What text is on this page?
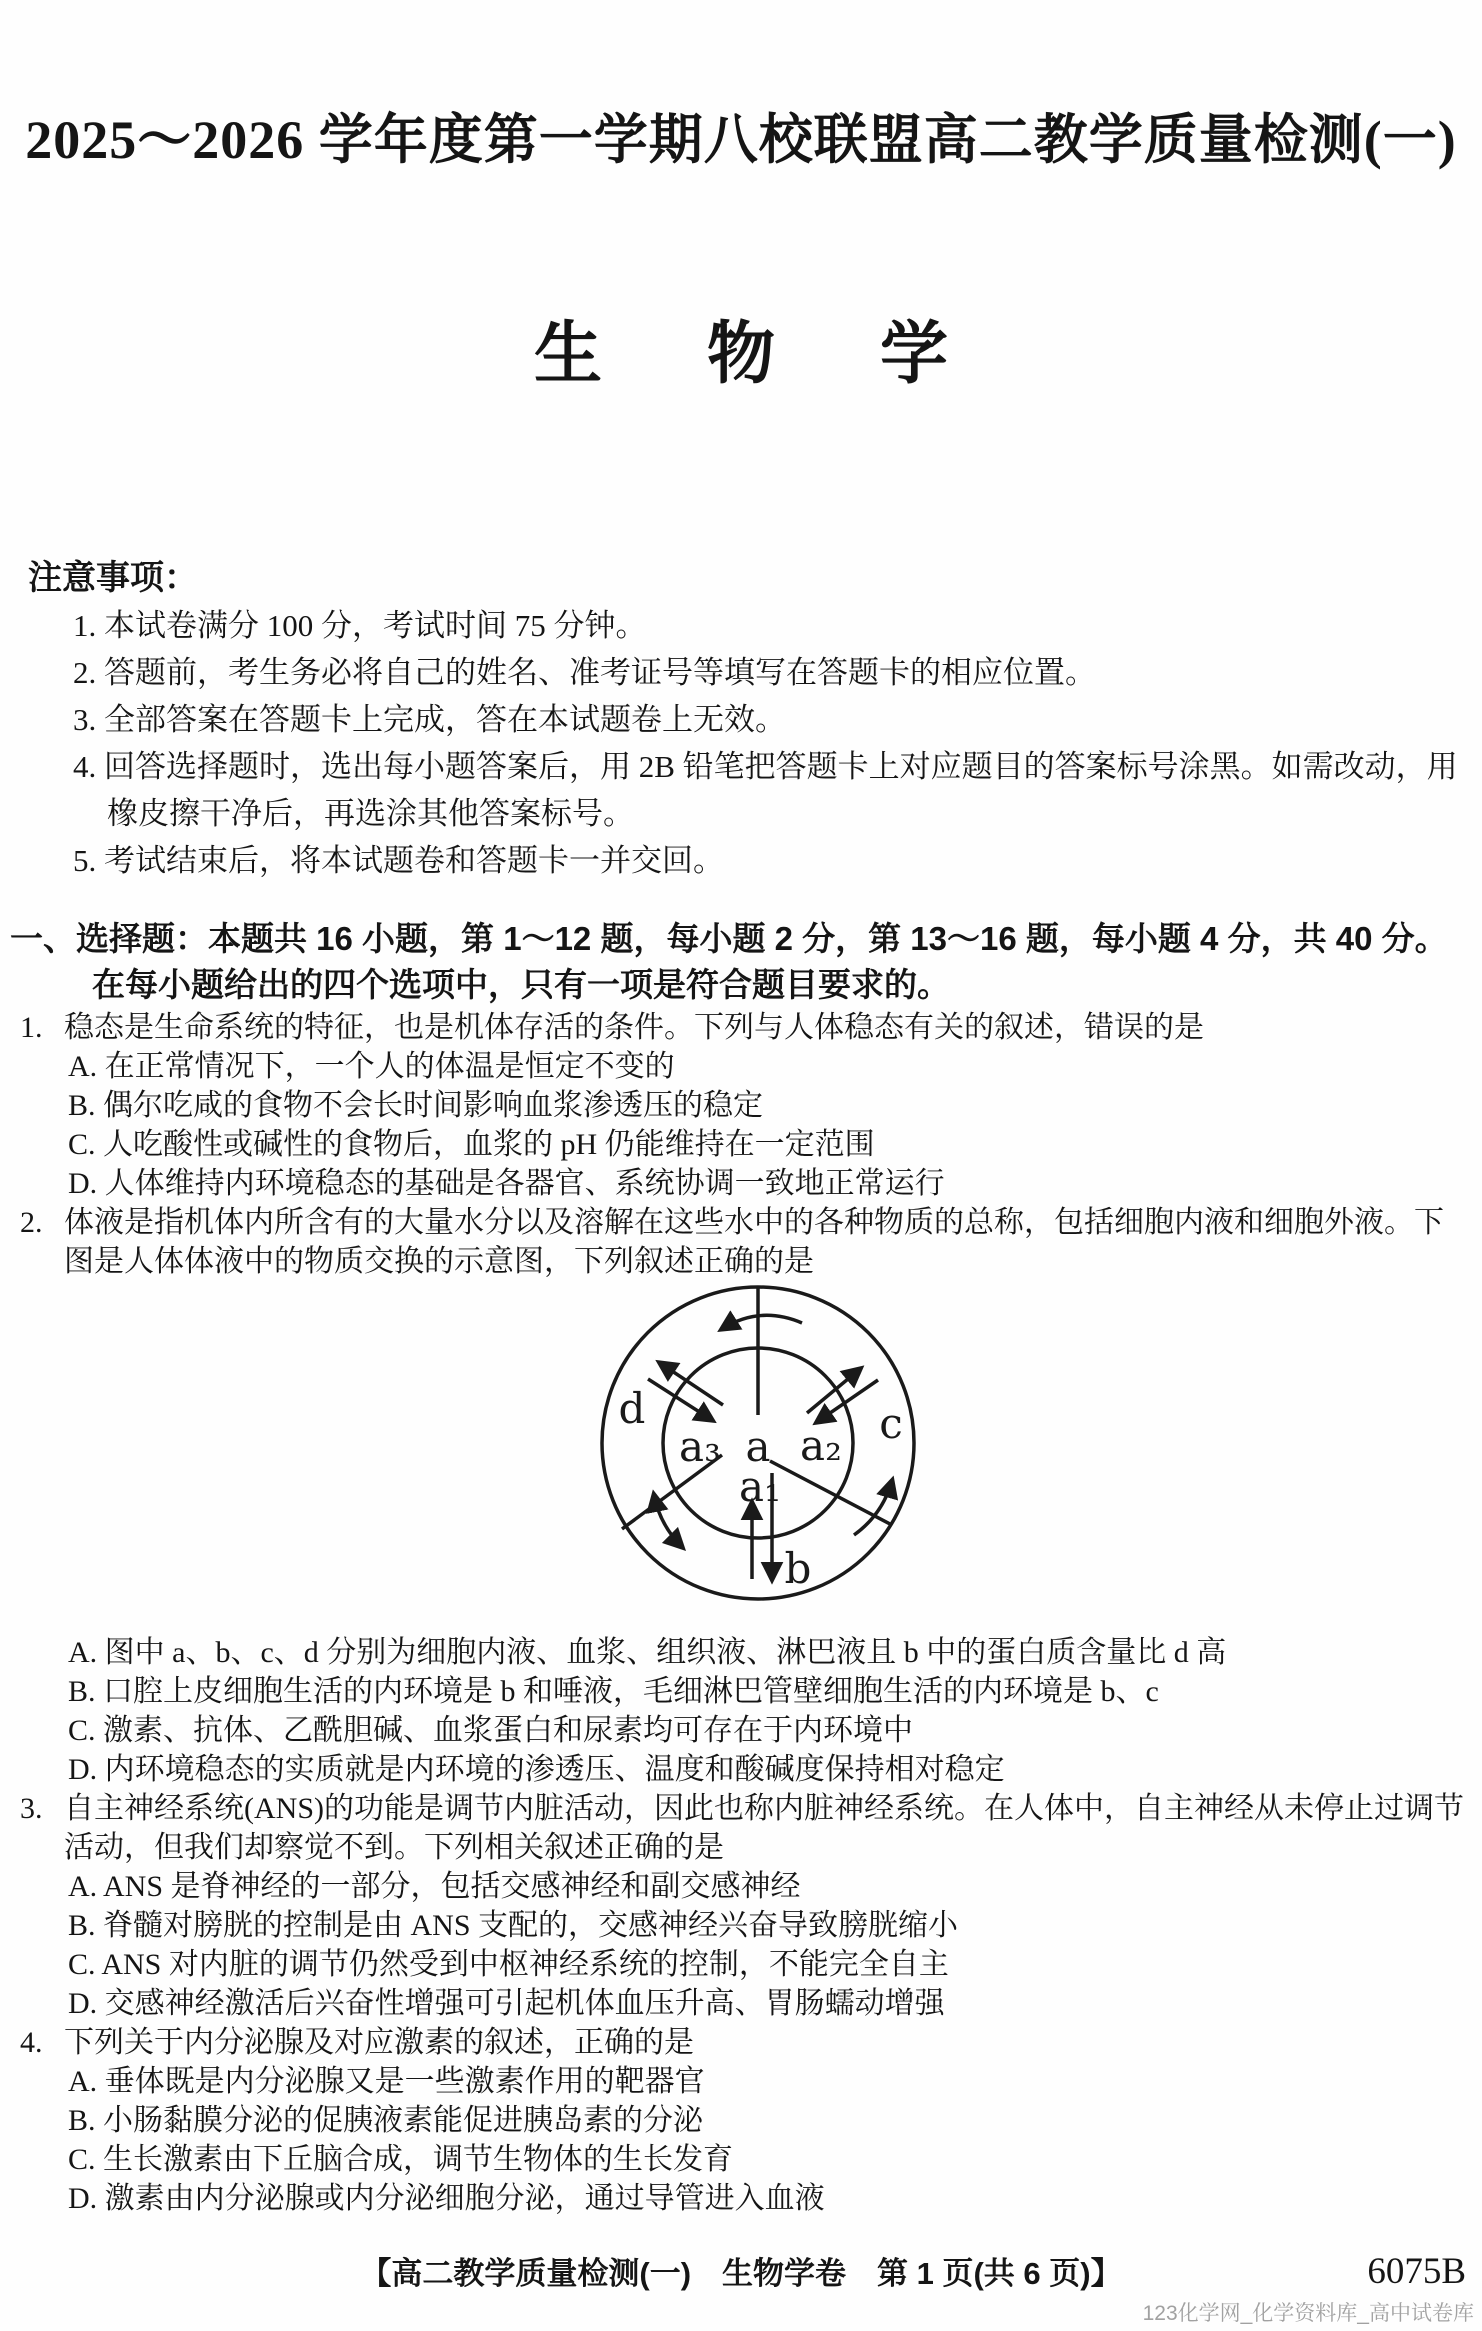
2025～2026 学年度第一学期八校联盟高二教学质量检测(一)
生物学
注意事项：
1. 本试卷满分 100 分，考试时间 75 分钟。
2. 答题前，考生务必将自己的姓名、准考证号等填写在答题卡的相应位置。
3. 全部答案在答题卡上完成，答在本试题卷上无效。
4. 回答选择题时，选出每小题答案后，用 2B 铅笔把答题卡上对应题目的答案标号涂黑。如需改动，用橡皮擦干净后，再选涂其他答案标号。
5. 考试结束后，将本试题卷和答题卡一并交回。
一、选择题：本题共 16 小题，第 1～12 题，每小题 2 分，第 13～16 题，每小题 4 分，共 40 分。在每小题给出的四个选项中，只有一项是符合题目要求的。
1. 稳态是生命系统的特征，也是机体存活的条件。下列与人体稳态有关的叙述，错误的是
A. 在正常情况下，一个人的体温是恒定不变的
B. 偶尔吃咸的食物不会长时间影响血浆渗透压的稳定
C. 人吃酸性或碱性的食物后，血浆的 pH 仍能维持在一定范围
D. 人体维持内环境稳态的基础是各器官、系统协调一致地正常运行
2. 体液是指机体内所含有的大量水分以及溶解在这些水中的各种物质的总称，包括细胞内液和细胞外液。下图是人体体液中的物质交换的示意图，下列叙述正确的是
d	c
a₃ a a₂
a₁
b
A. 图中 a、b、c、d 分别为细胞内液、血浆、组织液、淋巴液且 b 中的蛋白质含量比 d 高
B. 口腔上皮细胞生活的内环境是 b 和唾液，毛细淋巴管壁细胞生活的内环境是 b、c
C. 激素、抗体、乙酰胆碱、血浆蛋白和尿素均可存在于内环境中
D. 内环境稳态的实质就是内环境的渗透压、温度和酸碱度保持相对稳定
3. 自主神经系统(ANS)的功能是调节内脏活动，因此也称内脏神经系统。在人体中，自主神经从未停止过调节活动，但我们却察觉不到。下列相关叙述正确的是
A. ANS 是脊神经的一部分，包括交感神经和副交感神经
B. 脊髓对膀胱的控制是由 ANS 支配的，交感神经兴奋导致膀胱缩小
C. ANS 对内脏的调节仍然受到中枢神经系统的控制，不能完全自主
D. 交感神经激活后兴奋性增强可引起机体血压升高、胃肠蠕动增强
4. 下列关于内分泌腺及对应激素的叙述，正确的是
A. 垂体既是内分泌腺又是一些激素作用的靶器官
B. 小肠黏膜分泌的促胰液素能促进胰岛素的分泌
C. 生长激素由下丘脑合成，调节生物体的生长发育
D. 激素由内分泌腺或内分泌细胞分泌，通过导管进入血液
【高二教学质量检测(一)　生物学卷　第 1 页(共 6 页)】	6075B
123化学网_化学资料库_高中试卷库
